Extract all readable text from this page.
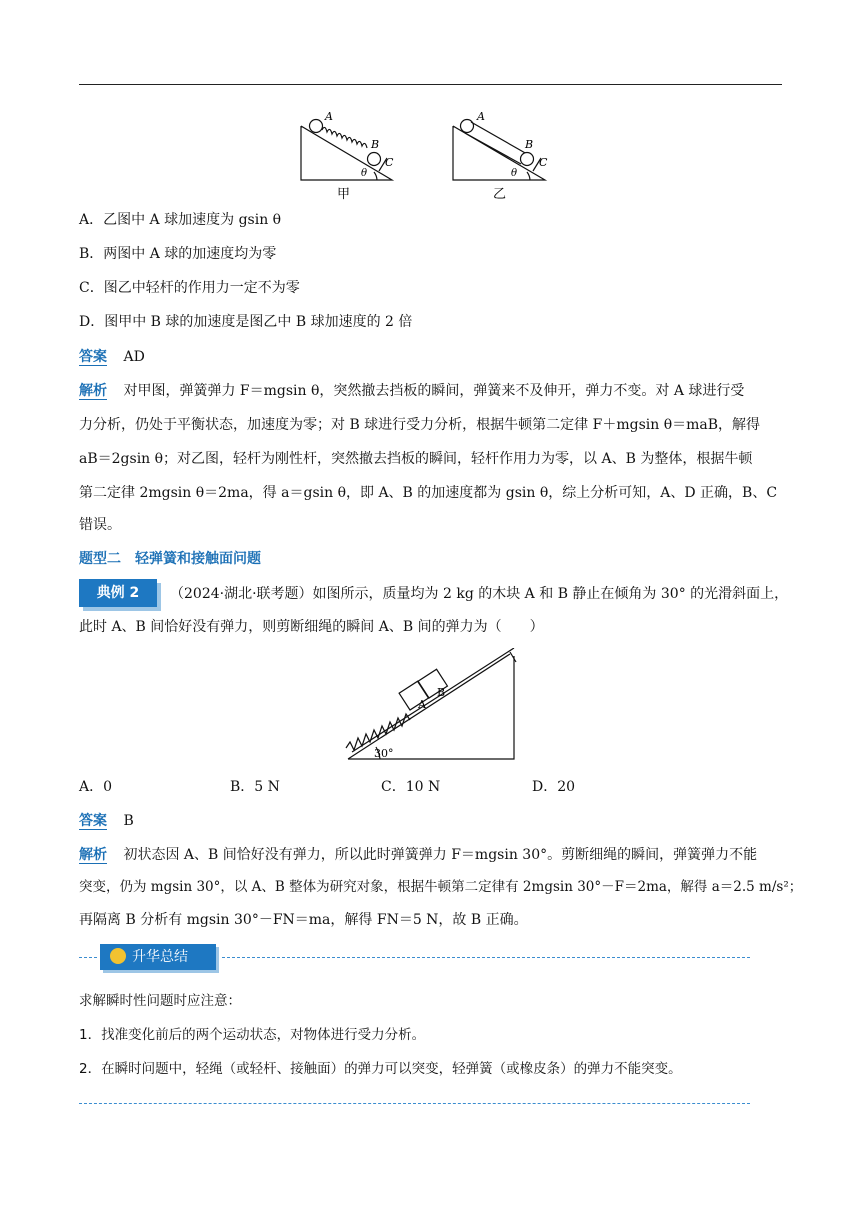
A
B
C
θ
甲
A
B
C
θ
乙
A．乙图中 A 球加速度为 gsin θ
B．两图中 A 球的加速度均为零
C．图乙中轻杆的作用力一定不为零
D．图甲中 B 球的加速度是图乙中 B 球加速度的 2 倍
答案 AD
解析 对甲图，弹簧弹力 F＝mgsin θ，突然撤去挡板的瞬间，弹簧来不及伸开，弹力不变。对 A 球进行受
力分析，仍处于平衡状态，加速度为零；对 B 球进行受力分析，根据牛顿第二定律 F＋mgsin θ＝maB，解得
aB＝2gsin θ；对乙图，轻杆为刚性杆，突然撤去挡板的瞬间，轻杆作用力为零，以 A、B 为整体，根据牛顿
第二定律 2mgsin θ＝2ma，得 a＝gsin θ，即 A、B 的加速度都为 gsin θ，综上分析可知，A、D 正确，B、C
错误。
题型二　轻弹簧和接触面问题
典例 2	（2024·湖北·联考题）如图所示，质量均为 2 kg 的木块 A 和 B 静止在倾角为 30° 的光滑斜面上，
此时 A、B 间恰好没有弹力，则剪断细绳的瞬间 A、B 间的弹力为（　　）
A
B
30°
A．0	B．5 N	C．10 N	D．20
答案 B
解析 初状态因 A、B 间恰好没有弹力，所以此时弹簧弹力 F＝mgsin 30°。剪断细绳的瞬间，弹簧弹力不能
突变，仍为 mgsin 30°，以 A、B 整体为研究对象，根据牛顿第二定律有 2mgsin 30°－F＝2ma，解得 a＝2.5 m/s²；
再隔离 B 分析有 mgsin 30°－FN＝ma，解得 FN＝5 N，故 B 正确。
升华总结
求解瞬时性问题时应注意：
1．找准变化前后的两个运动状态，对物体进行受力分析。
2．在瞬时问题中，轻绳（或轻杆、接触面）的弹力可以突变，轻弹簧（或橡皮条）的弹力不能突变。
